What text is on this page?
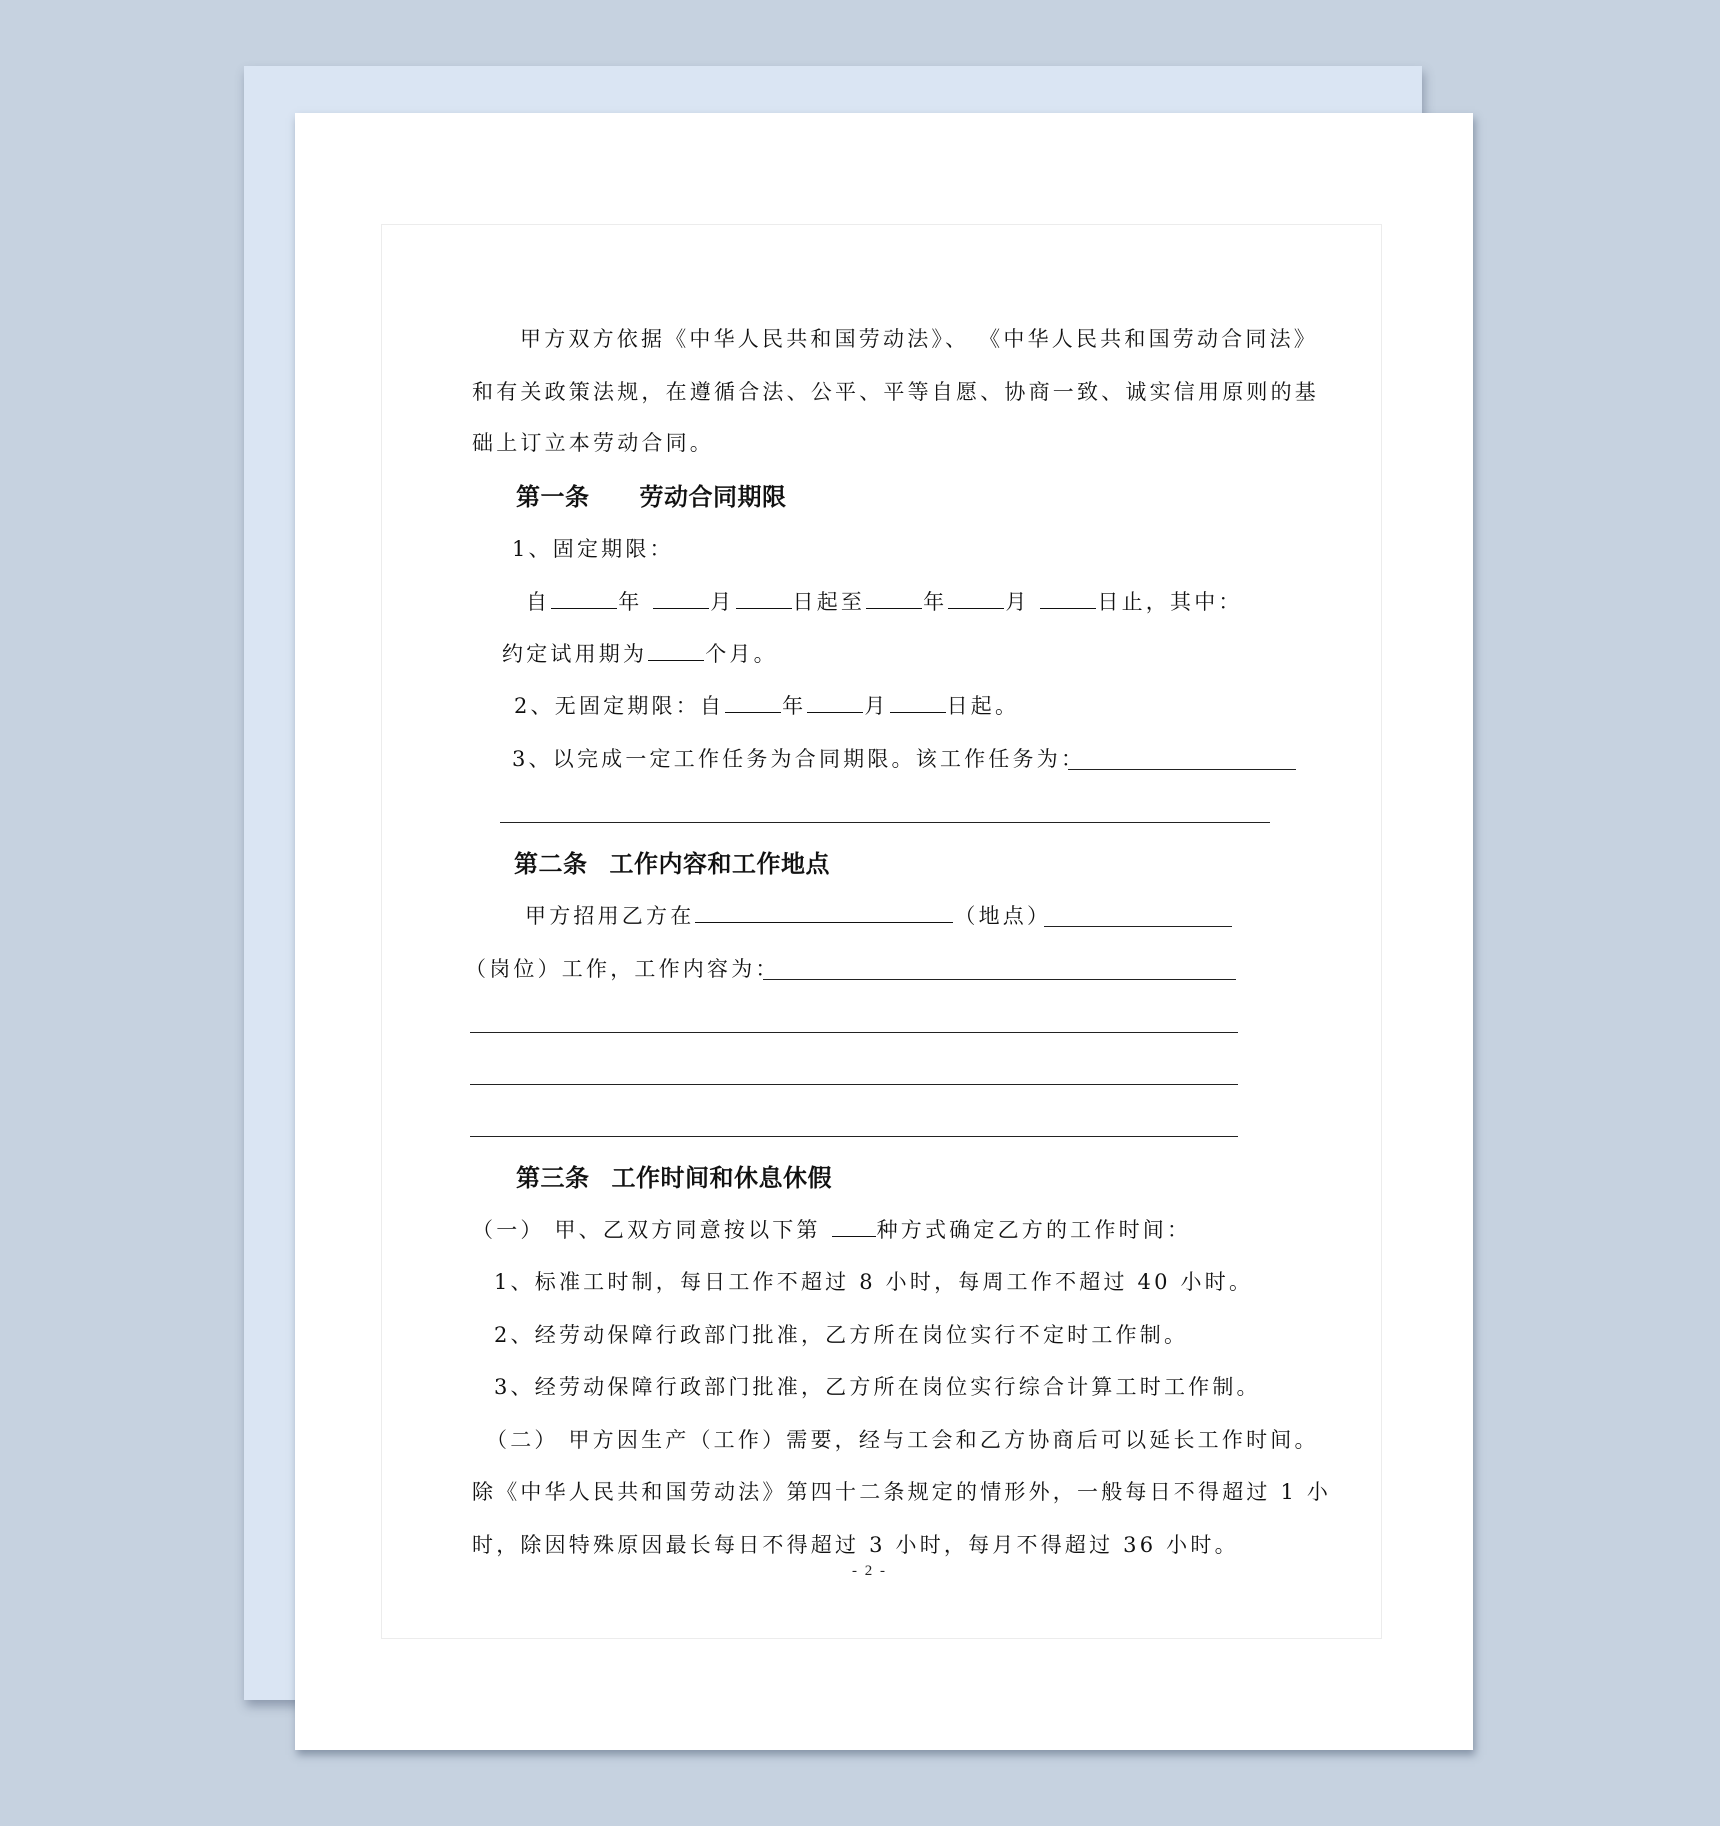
甲方双方依据《中华人民共和国劳动法》、 《中华人民共和国劳动合同法》
和有关政策法规，在遵循合法、公平、平等自愿、协商一致、诚实信用原则的基
础上订立本劳动合同。
第一条 劳动合同期限
1、固定期限：
自	年	月	日起至	年	月	日止，其中：
约定试用期为	个月。
2、无固定期限：自	年	月	日起。
3、以完成一定工作任务为合同期限。该工作任务为：
第二条 工作内容和工作地点
甲方招用乙方在	（地点）
（岗位）工作，工作内容为：
第三条 工作时间和休息休假
（一） 甲、乙双方同意按以下第	种方式确定乙方的工作时间：
1、标准工时制，每日工作不超过 8 小时，每周工作不超过 40 小时。
2、经劳动保障行政部门批准，乙方所在岗位实行不定时工作制。
3、经劳动保障行政部门批准，乙方所在岗位实行综合计算工时工作制。
（二） 甲方因生产（工作）需要，经与工会和乙方协商后可以延长工作时间。
除《中华人民共和国劳动法》第四十二条规定的情形外，一般每日不得超过 1 小
时，除因特殊原因最长每日不得超过 3 小时，每月不得超过 36 小时。
- 2 -
